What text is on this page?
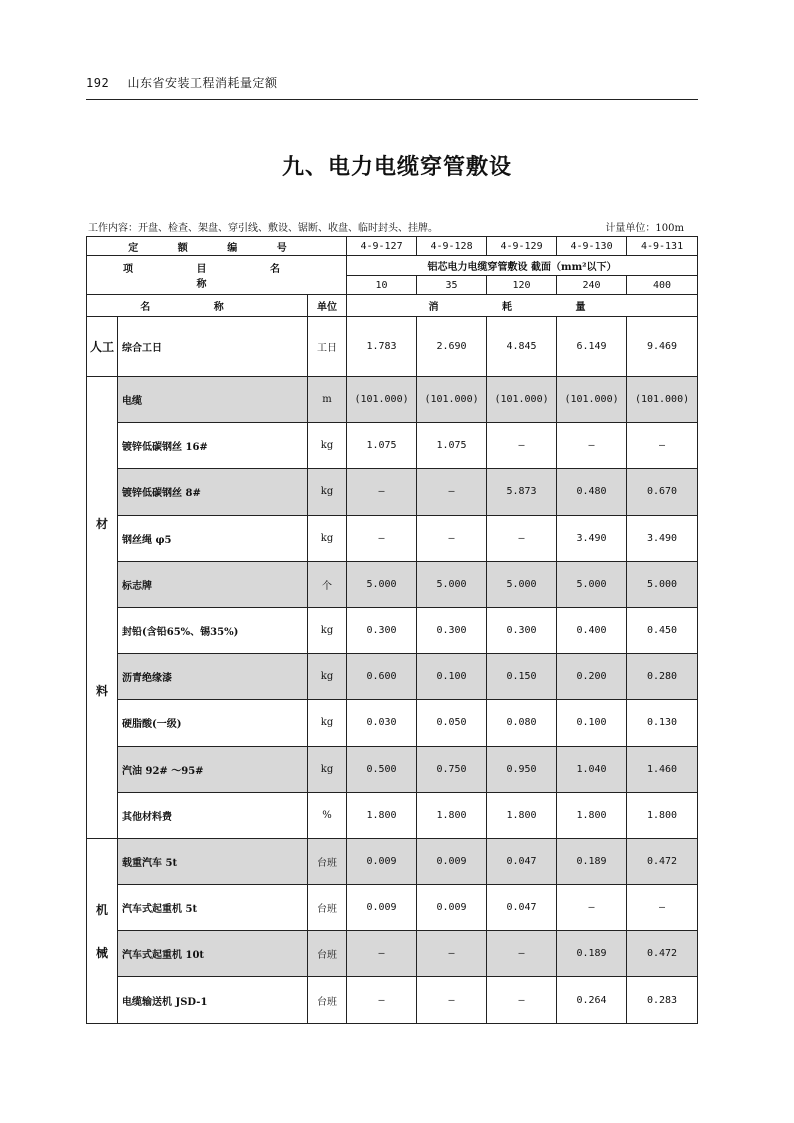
192 山东省安装工程消耗量定额
九、电力电缆穿管敷设
工作内容：开盘、检查、架盘、穿引线、敷设、锯断、收盘、临时封头、挂牌。	计量单位：100m
定 额 编 号			4-9-127	4-9-128	4-9-129	4-9-130	4-9-131
项 目 名 称			铝芯电力电缆穿管敷设 截面（mm²以下）				
			10	35	120	240	400
名 称		单位	消 耗 量				

人工	综合工日	工日	1.783	2.690	4.845	6.149	9.469

材
料	电缆	m	(101.000)	(101.000)	(101.000)	(101.000)	(101.000)
	镀锌低碳钢丝 16#	kg	1.075	1.075	—	—	—
	镀锌低碳钢丝 8#	kg	—	—	5.873	0.480	0.670
	钢丝绳 φ5	kg	—	—	—	3.490	3.490
	标志牌	个	5.000	5.000	5.000	5.000	5.000
	封铅(含铅65%、锡35%)	kg	0.300	0.300	0.300	0.400	0.450
	沥青绝缘漆	kg	0.600	0.100	0.150	0.200	0.280
	硬脂酸(一级)	kg	0.030	0.050	0.080	0.100	0.130
	汽油 92# ～95#	kg	0.500	0.750	0.950	1.040	1.460
	其他材料费	%	1.800	1.800	1.800	1.800	1.800

机
械	载重汽车 5t	台班	0.009	0.009	0.047	0.189	0.472
	汽车式起重机 5t	台班	0.009	0.009	0.047	—	—
	汽车式起重机 10t	台班	—	—	—	0.189	0.472
	电缆输送机 JSD-1	台班	—	—	—	0.264	0.283
